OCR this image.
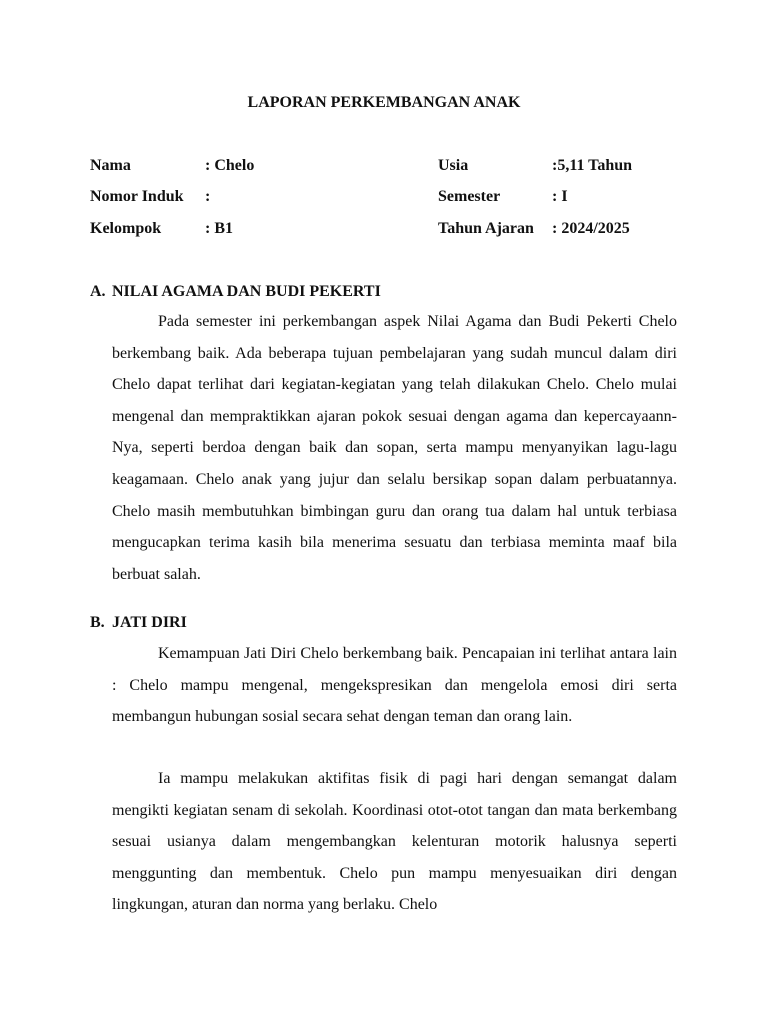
LAPORAN PERKEMBANGAN ANAK
Nama	: Chelo	Usia	:5,11 Tahun
Nomor Induk :	Semester	: I
Kelompok	: B1	Tahun Ajaran : 2024/2025
A. NILAI AGAMA DAN BUDI PEKERTI

Pada semester ini perkembangan aspek Nilai Agama dan Budi Pekerti Chelo berkembang baik. Ada beberapa tujuan pembelajaran yang sudah muncul dalam diri Chelo dapat terlihat dari kegiatan-kegiatan yang telah dilakukan Chelo. Chelo mulai mengenal dan mempraktikkan ajaran pokok sesuai dengan agama dan kepercayaann-Nya, seperti berdoa dengan baik dan sopan, serta mampu menyanyikan lagu-lagu keagamaan. Chelo anak yang jujur dan selalu bersikap sopan dalam perbuatannya. Chelo masih membutuhkan bimbingan guru dan orang tua dalam hal untuk terbiasa mengucapkan terima kasih bila menerima sesuatu dan terbiasa meminta maaf bila berbuat salah.

B. JATI DIRI

Kemampuan Jati Diri Chelo berkembang baik. Pencapaian ini terlihat antara lain : Chelo mampu mengenal, mengekspresikan dan mengelola emosi diri serta membangun hubungan sosial secara sehat dengan teman dan orang lain.

Ia mampu melakukan aktifitas fisik di pagi hari dengan semangat dalam mengikti kegiatan senam di sekolah. Koordinasi otot-otot tangan dan mata berkembang sesuai usianya dalam mengembangkan kelenturan motorik halusnya seperti menggunting dan membentuk. Chelo pun mampu menyesuaikan diri dengan lingkungan, aturan dan norma yang berlaku. Chelo
